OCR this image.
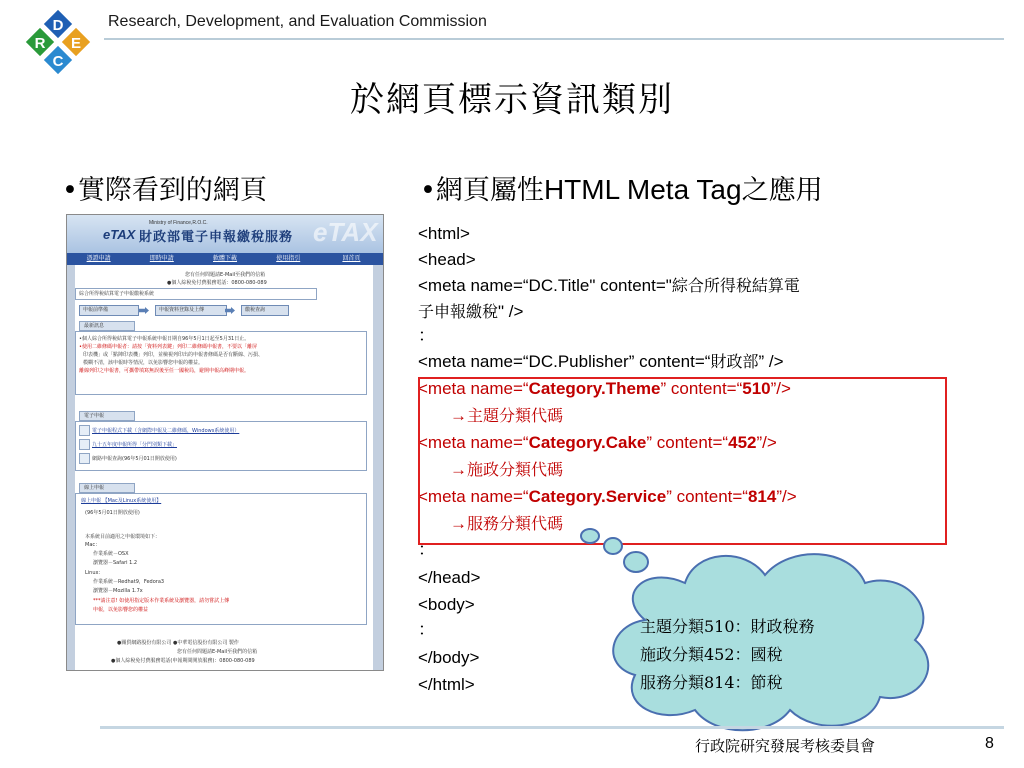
R
D
E
C
Research, Development, and Evaluation Commission
於網頁標示資訊類別
•實際看到的網頁	•網頁屬性HTML Meta Tag之應用
Ministry of Finance,R.O.C.
eTAX 財政部電子申報繳稅服務 eTAX
憑證申請	即時申請	軟體下載	使用指引	回首頁
您有任何問題請E-Mail至我們的信箱
●個人綜稅免付費服務電話：0800-080-089
綜合所得稅結算電子申報繳稅系統
申報前準備	申報資料登錄及上傳	繳稅查詢
最新訊息
•個人綜合所得稅結算電子申報系統申報日期自96年5月1日起至5月31日止。
•使用二維條碼申報者：請按「資料列表鍵」列印二維條碼申報書，不要以「離屏
印表機」或「點陣印表機」列印，並檢視列印出的申報書條碼是否有斷線、污損、
模糊不清，該申報時等情況，以免影響您申報的權益。
離線列印之申報書，可攜帶填寫無誤後至任一國稅局，避開申報高峰期申報。
電子申報
電子申報程式下載（含網際申報及二維條碼，Windows系統使用）
九十五年度申報所得「分門別類下載」
網路申報查詢(96年5月01日開放使用)
線上申報
線上申報 【Mac及Linux系統使用】
(96年5月01日開放使用)
本系統目前適用之申報環境如下：
Mac：
作業系統－OSX
瀏覽器－Safari 1.2
Linux：
作業系統－Redhat9，Fedora3
瀏覽器－Mozilla 1.7x
***請注意! 如使用指定版本作業系統及瀏覽器，請勿嘗試上傳
申報，以免影響您的權益
●關貿網路股份有限公司 ●中華電信股份有限公司 製作
您有任何問題請E-Mail至我們的信箱
●個人綜稅免付費服務電話(申報期間開放服務)：0800-080-089
<html>
<head>
<meta name=“DC.Title" content="綜合所得稅結算電
子申報繳稅" />
：
<meta name=“DC.Publisher” content=“財政部” />
<meta name=“Category.Theme” content=“510”/>
→主題分類代碼
<meta name=“Category.Cake” content=“452”/>
→施政分類代碼
<meta name=“Category.Service” content=“814”/>
→服務分類代碼
：
</head>
<body>
：
</body>
</html>
主題分類510：財政稅務
施政分類452：國稅
服務分類814：節稅
行政院研究發展考核委員會	8
